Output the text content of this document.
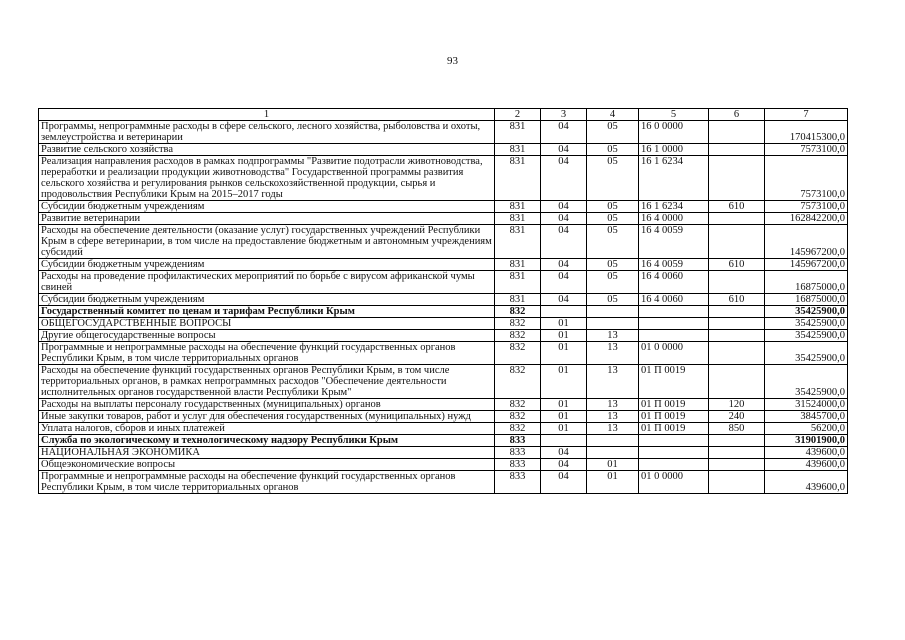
93
1	2	3	4	5	6	7
Программы, непрограммные расходы в сфере сельского, лесного хозяйства, рыболовства и охоты, землеустройства и ветеринарии	831	04	05	16 0 0000		170415300,0
Развитие сельского хозяйства	831	04	05	16 1 0000		7573100,0
Реализация направления расходов в рамках подпрограммы "Развитие подотрасли животноводства, переработки и реализации продукции животноводства" Государственной программы развития сельского хозяйства и регулирования рынков сельскохозяйственной продукции, сырья и продовольствия Республики Крым на 2015–2017 годы	831	04	05	16 1 6234		7573100,0
Субсидии бюджетным учреждениям	831	04	05	16 1 6234	610	7573100,0
Развитие ветеринарии	831	04	05	16 4 0000		162842200,0
Расходы на обеспечение деятельности (оказание услуг) государственных учреждений Республики Крым в сфере ветеринарии, в том числе на предоставление бюджетным и автономным учреждениям субсидий	831	04	05	16 4 0059		145967200,0
Субсидии бюджетным учреждениям	831	04	05	16 4 0059	610	145967200,0
Расходы на проведение профилактических мероприятий по борьбе с вирусом африканской чумы свиней	831	04	05	16 4 0060		16875000,0
Субсидии бюджетным учреждениям	831	04	05	16 4 0060	610	16875000,0
Государственный комитет по ценам и тарифам Республики Крым	832					35425900,0
ОБЩЕГОСУДАРСТВЕННЫЕ ВОПРОСЫ	832	01				35425900,0
Другие общегосударственные вопросы	832	01	13			35425900,0
Программные и непрограммные расходы на обеспечение функций государственных органов Республики Крым, в том числе территориальных органов	832	01	13	01 0 0000		35425900,0
Расходы на обеспечение функций государственных органов Республики Крым, в том числе территориальных органов, в рамках непрограммных расходов "Обеспечение деятельности исполнительных органов государственной власти Республики Крым"	832	01	13	01 П 0019		35425900,0
Расходы на выплаты персоналу государственных (муниципальных) органов	832	01	13	01 П 0019	120	31524000,0
Иные закупки товаров, работ и услуг для обеспечения государственных (муниципальных) нужд	832	01	13	01 П 0019	240	3845700,0
Уплата налогов, сборов и иных платежей	832	01	13	01 П 0019	850	56200,0
Служба по экологическому и технологическому надзору Республики Крым	833					31901900,0
НАЦИОНАЛЬНАЯ ЭКОНОМИКА	833	04				439600,0
Общеэкономические вопросы	833	04	01			439600,0
Программные и непрограммные расходы на обеспечение функций государственных органов Республики Крым, в том числе территориальных органов	833	04	01	01 0 0000		439600,0
